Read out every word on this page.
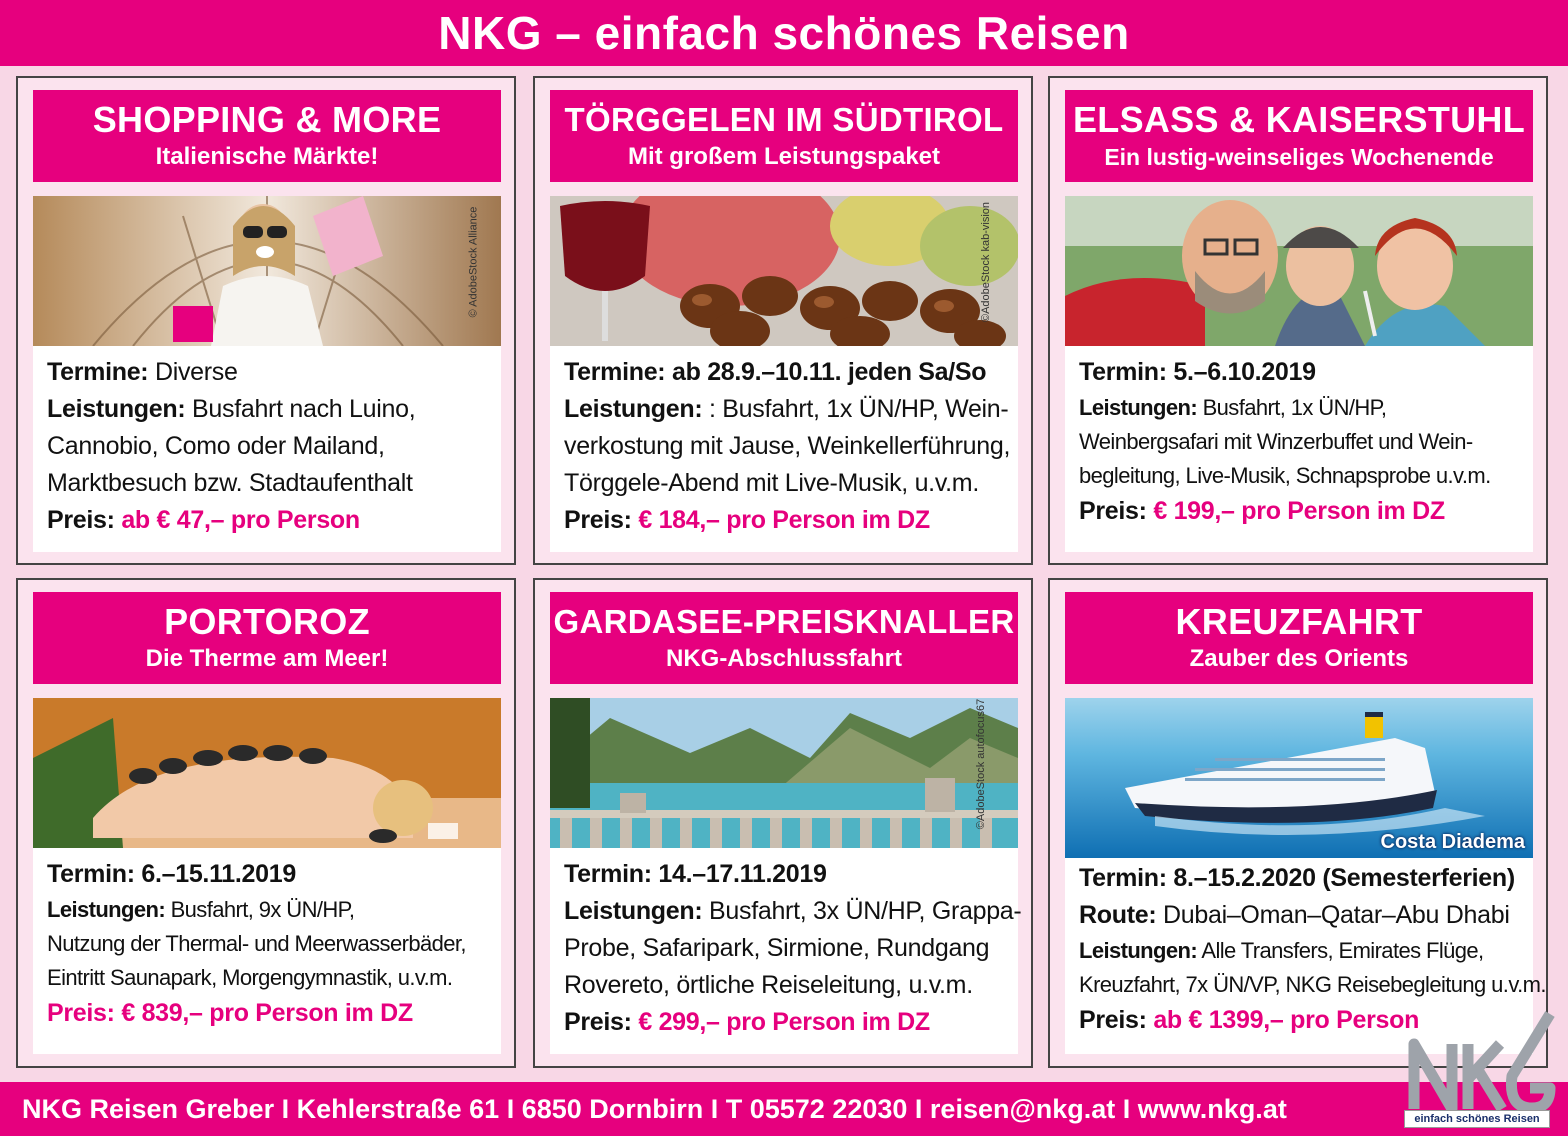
NKG – einfach schönes Reisen
SHOPPING & MORE
Italienische Märkte!
© AdobeStock Alliance

Termine: Diverse

Leistungen: Busfahrt nach Luino,

Cannobio, Como oder Mailand,

Marktbesuch bzw. Stadtaufenthalt

Preis: ab € 47,– pro Person

TÖRGGELEN IM SÜDTIROL
Mit großem Leistungspaket
©AdobeStock kab-vision

Termine: ab 28.9.–10.11. jeden Sa/So

Leistungen: : Busfahrt, 1x ÜN/HP, Wein-

verkostung mit Jause, Weinkellerführung,

Törggele-Abend mit Live-Musik, u.v.m.

Preis: € 184,– pro Person im DZ

ELSASS & KAISERSTUHL
Ein lustig-weinseliges Wochenende

Termin: 5.–6.10.2019

Leistungen: Busfahrt, 1x ÜN/HP,

Weinbergsafari mit Winzerbuffet und Wein-

begleitung, Live-Musik, Schnapsprobe u.v.m.

Preis: € 199,– pro Person im DZ

PORTOROZ
Die Therme am Meer!

Termin: 6.–15.11.2019

Leistungen: Busfahrt, 9x ÜN/HP,

Nutzung der Thermal- und Meerwasserbäder,

Eintritt Saunapark, Morgengymnastik, u.v.m.

Preis: € 839,– pro Person im DZ

GARDASEE-PREISKNALLER
NKG-Abschlussfahrt
©AdobeStock autofocus67

Termin: 14.–17.11.2019

Leistungen: Busfahrt, 3x ÜN/HP, Grappa-

Probe, Safaripark, Sirmione, Rundgang

Rovereto, örtliche Reiseleitung, u.v.m.

Preis: € 299,– pro Person im DZ

KREUZFAHRT
Zauber des Orients
Costa Diadema

Termin: 8.–15.2.2020 (Semesterferien)

Route: Dubai–Oman–Qatar–Abu Dhabi

Leistungen: Alle Transfers, Emirates Flüge,

Kreuzfahrt, 7x ÜN/VP, NKG Reisebegleitung u.v.m.

Preis: ab € 1399,– pro Person

NKG Reisen Greber I Kehlerstraße 61 I 6850 Dornbirn I T 05572 22030 I reisen@nkg.at I www.nkg.at
NKG
einfach schönes Reisen
